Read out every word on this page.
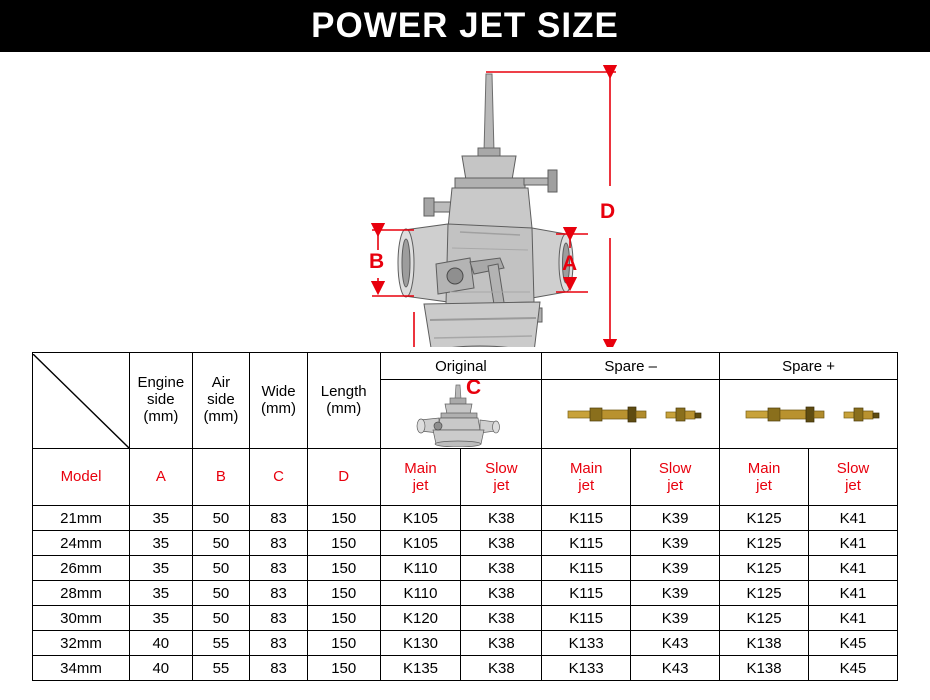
POWER JET SIZE
D
A
B
C

Engine
side
(mm)

Air
side
(mm)

Wide
(mm)

Length
(mm)
	Original	Spare –	Spare +

Model	A	B	C	D	
Main
jet

Slow
jet

Main
jet

Slow
jet

Main
jet

Slow
jet

21mm	35	50	83	150	K105	K38	K115	K39	K125	K41
24mm	35	50	83	150	K105	K38	K115	K39	K125	K41
26mm	35	50	83	150	K110	K38	K115	K39	K125	K41
28mm	35	50	83	150	K110	K38	K115	K39	K125	K41
30mm	35	50	83	150	K120	K38	K115	K39	K125	K41
32mm	40	55	83	150	K130	K38	K133	K43	K138	K45
34mm	40	55	83	150	K135	K38	K133	K43	K138	K45
